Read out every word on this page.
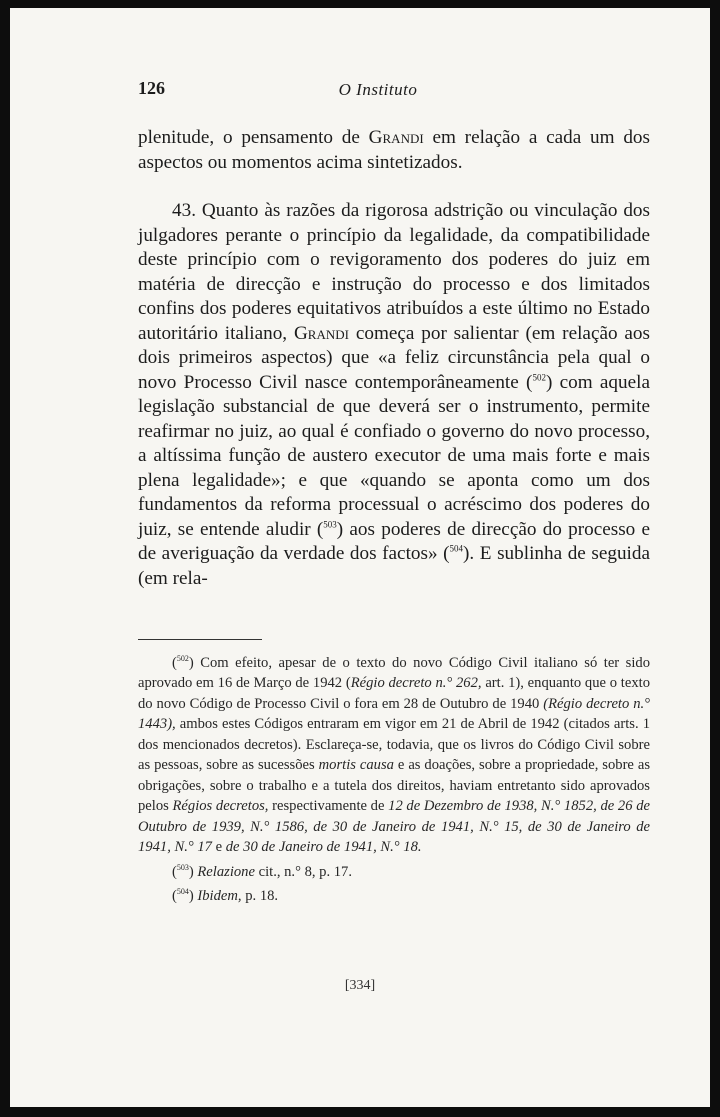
126	O Instituto

plenitude, o pensamento de Grandi em relação a cada um dos aspectos ou momentos acima sintetizados.

43. Quanto às razões da rigorosa adstrição ou vinculação dos julgadores perante o princípio da legalidade, da compatibilidade deste princípio com o revigoramento dos poderes do juiz em matéria de direcção e instrução do processo e dos limitados confins dos poderes equitativos atribuídos a este último no Estado autoritário italiano, Grandi começa por salientar (em relação aos dois primeiros aspectos) que «a feliz circunstância pela qual o novo Processo Civil nasce contemporâneamente ($^{502}$) com aquela legislação substancial de que deverá ser o instrumento, permite reafirmar no juiz, ao qual é confiado o governo do novo processo, a altíssima função de austero executor de uma mais forte e mais plena legalidade»; e que «quando se aponta como um dos fundamentos da reforma processual o acréscimo dos poderes do juiz, se entende aludir ($^{503}$) aos poderes de direcção do processo e de averiguação da verdade dos factos» ($^{504}$). E sublinha de seguida (em rela-

($^{502}$) Com efeito, apesar de o texto do novo Código Civil italiano só ter sido aprovado em 16 de Março de 1942 (Régio decreto n.° 262, art. 1), enquanto que o texto do novo Código de Processo Civil o fora em 28 de Outubro de 1940 (Régio decreto n.° 1443), ambos estes Códigos entraram em vigor em 21 de Abril de 1942 (citados arts. 1 dos mencionados decretos). Esclareça-se, todavia, que os livros do Código Civil sobre as pessoas, sobre as sucessões mortis causa e as doações, sobre a propriedade, sobre as obrigações, sobre o trabalho e a tutela dos direitos, haviam entretanto sido aprovados pelos Régios decretos, respectivamente de 12 de Dezembro de 1938, N.° 1852, de 26 de Outubro de 1939, N.° 1586, de 30 de Janeiro de 1941, N.° 15, de 30 de Janeiro de 1941, N.° 17 e de 30 de Janeiro de 1941, N.° 18.

($^{503}$) Relazione cit., n.° 8, p. 17.

($^{504}$) Ibidem, p. 18.

[334]
